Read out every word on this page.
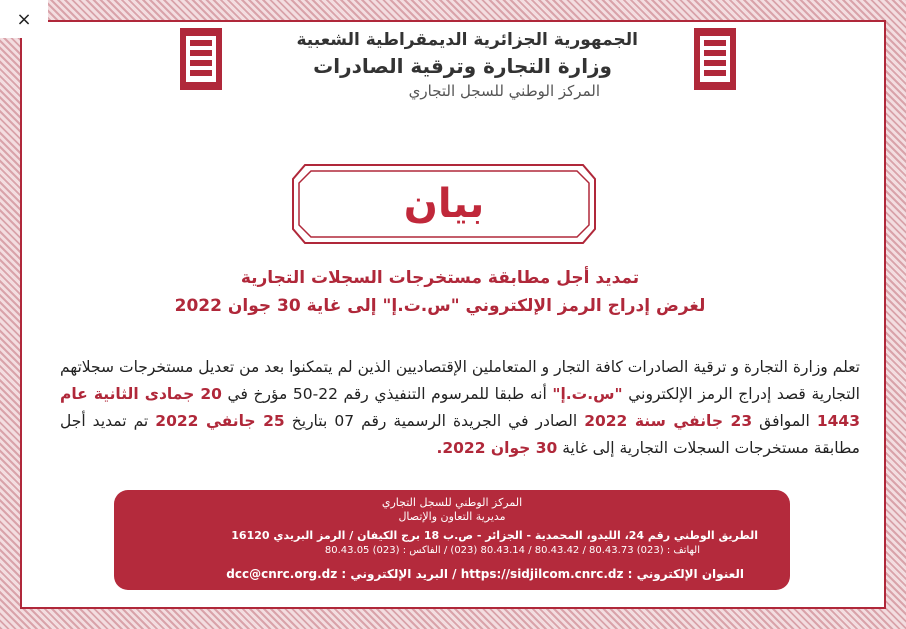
×
الجمهورية الجزائرية الديمقراطية الشعبية
وزارة التجارة وترقية الصادرات
المركز الوطني للسجل التجاري
بيان
تمديد أجل مطابقة مستخرجات السجلات التجارية
لغرض إدراج الرمز الإلكتروني "س.ت.إ" إلى غاية 30 جوان 2022
تعلم وزارة التجارة و ترقية الصادرات كافة التجار و المتعاملين الإقتصاديين الذين لم يتمكنوا بعد من تعديل مستخرجات سجلاتهم التجارية قصد إدراج الرمز الإلكتروني "س.ت.إ" أنه طبقا للمرسوم التنفيذي رقم 22-50 مؤرخ في 20 جمادى الثانية عام 1443 الموافق 23 جانفي سنة 2022 الصادر في الجريدة الرسمية رقم 07 بتاريخ 25 جانفي 2022 تم تمديد أجل مطابقة مستخرجات السجلات التجارية إلى غاية 30 جوان 2022.
المركز الوطني للسجل التجاري
مديرية التعاون والإتصال
الطريق الوطني رقم 24، الليدو، المحمدية - الجزائر - ص.ب 18 برج الكيفان / الرمز البريدي 16120
الهاتف : (023) 80.43.73 / 80.43.42 / 80.43.14 (023) / الفاكس : (023) 80.43.05
العنوان الإلكتروني : https://sidjilcom.cnrc.dz / البريد الإلكتروني : dcc@cnrc.org.dz
